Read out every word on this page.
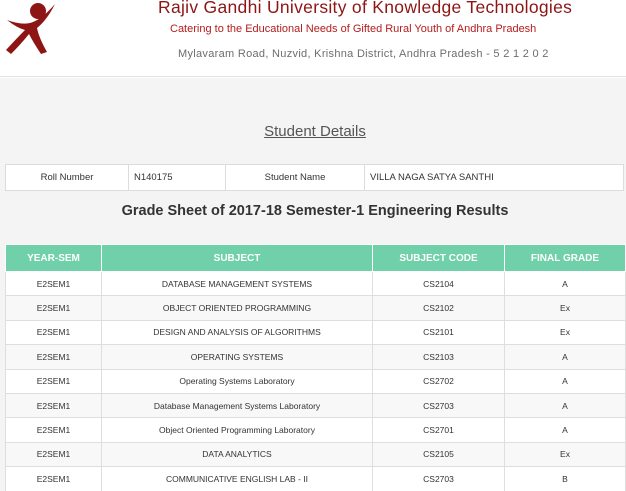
Rajiv Gandhi University of Knowledge Technologies
Catering to the Educational Needs of Gifted Rural Youth of Andhra Pradesh
Mylavaram Road, Nuzvid, Krishna District, Andhra Pradesh - 5 2 1 2 0 2
Student Details
Roll Number	N140175	Student Name	VILLA NAGA SATYA SANTHI
Grade Sheet of 2017-18 Semester-1 Engineering Results
YEAR-SEM	SUBJECT	SUBJECT CODE	FINAL GRADE
E2SEM1	DATABASE MANAGEMENT SYSTEMS	CS2104	A
E2SEM1	OBJECT ORIENTED PROGRAMMING	CS2102	Ex
E2SEM1	DESIGN AND ANALYSIS OF ALGORITHMS	CS2101	Ex
E2SEM1	OPERATING SYSTEMS	CS2103	A
E2SEM1	Operating Systems Laboratory	CS2702	A
E2SEM1	Database Management Systems Laboratory	CS2703	A
E2SEM1	Object Oriented Programming Laboratory	CS2701	A
E2SEM1	DATA ANALYTICS	CS2105	Ex
E2SEM1	COMMUNICATIVE ENGLISH LAB - II	CS2703	B
